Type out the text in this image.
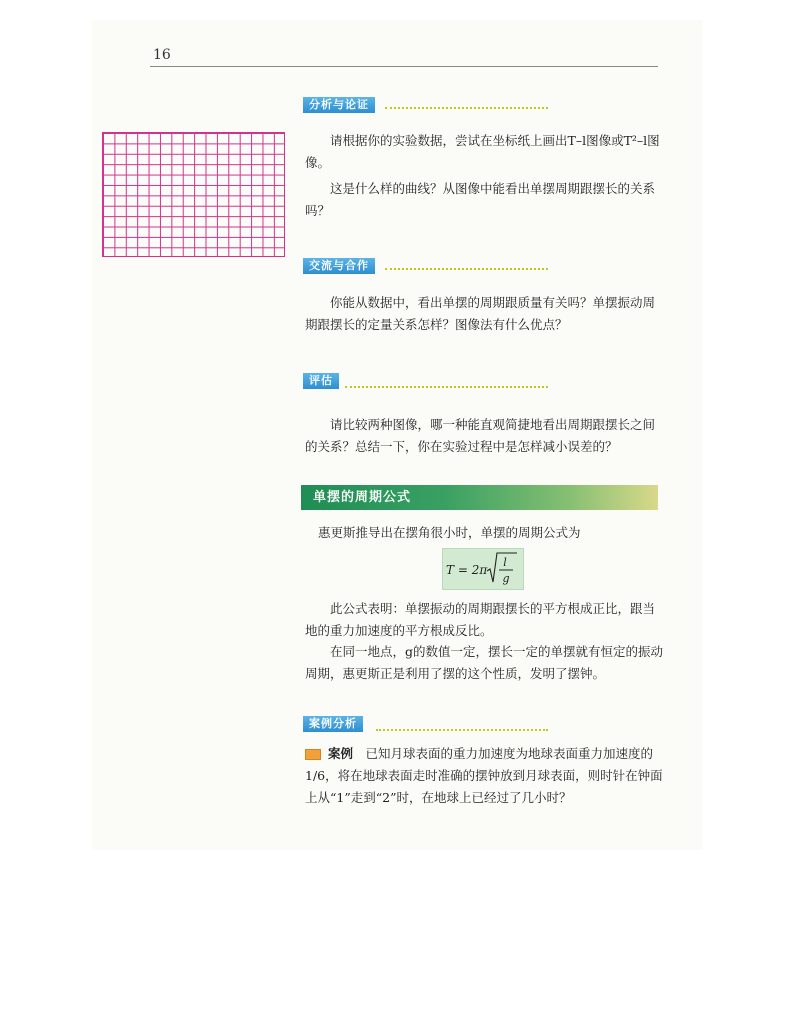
16
分析与论证

请根据你的实验数据，尝试在坐标纸上画出T–l图像或T²–l图像。

这是什么样的曲线？从图像中能看出单摆周期跟摆长的关系吗？

交流与合作

你能从数据中，看出单摆的周期跟质量有关吗？单摆振动周期跟摆长的定量关系怎样？图像法有什么优点？

评估

请比较两种图像，哪一种能直观简捷地看出周期跟摆长之间的关系？总结一下，你在实验过程中是怎样减小误差的？

单摆的周期公式

惠更斯推导出在摆角很小时，单摆的周期公式为

T = 2π
l
g

此公式表明：单摆振动的周期跟摆长的平方根成正比，跟当地的重力加速度的平方根成反比。

在同一地点，g的数值一定，摆长一定的单摆就有恒定的振动周期，惠更斯正是利用了摆的这个性质，发明了摆钟。

案例分析

案例　 已知月球表面的重力加速度为地球表面重力加速度的1/6，将在地球表面走时准确的摆钟放到月球表面，则时针在钟面上从“1”走到“2”时，在地球上已经过了几小时？
